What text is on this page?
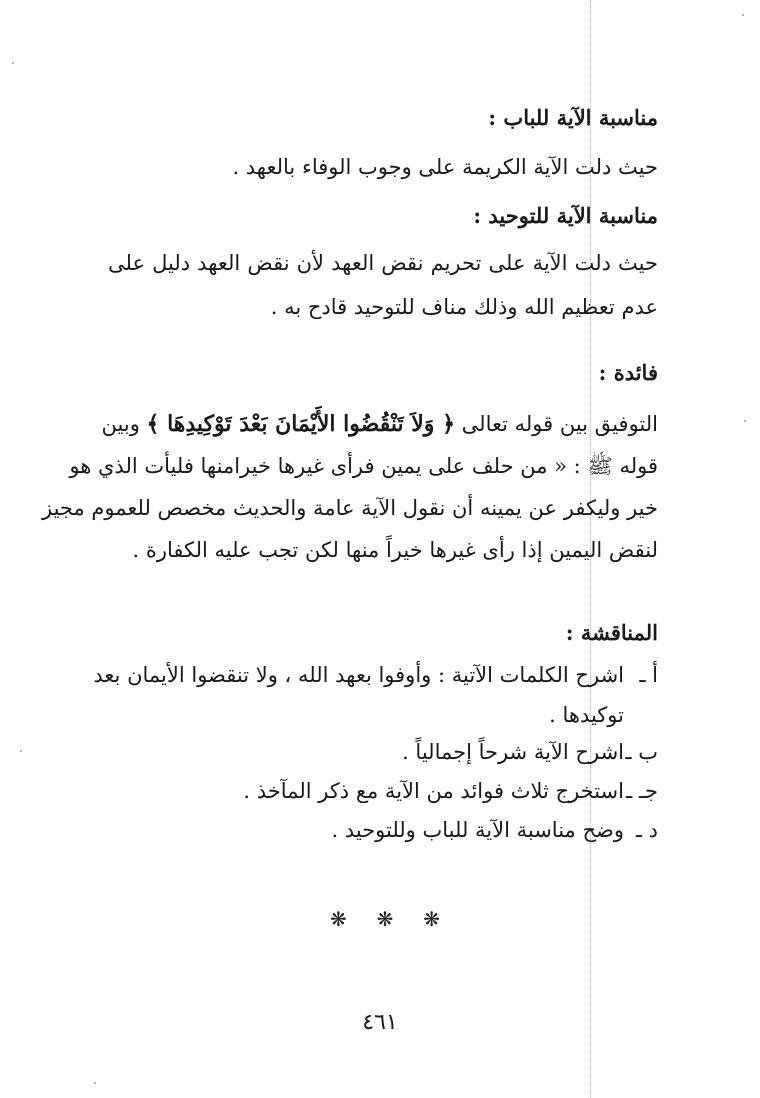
مناسبة الآية للباب :
حيث دلت الآية الكريمة على وجوب الوفاء بالعهد .
مناسبة الآية للتوحيد :
حيث دلت الآية على تحريم نقض العهد لأن نقض العهد دليل على
عدم تعظيم الله وذلك مناف للتوحيد قادح به .
فائدة :
التوفيق بين قوله تعالى ﴿ وَلاَ تَنْقُضُوا الأَيْمَانَ بَعْدَ تَوْكِيدِهَا ﴾ وبين
قوله ﷺ : « من حلف على يمين فرأى غيرها خيرامنها فليأت الذي هو
خير وليكفر عن يمينه أن نقول الآية عامة والحديث مخصص للعموم مجيز
لنقض اليمين إذا رأى غيرها خيراً منها لكن تجب عليه الكفارة .
المناقشة :
أ ـ
اشرح الكلمات الآتية : وأوفوا بعهد الله ، ولا تنقضوا الأيمان بعد
توكيدها .
ب ـ
اشرح الآية شرحاً إجمالياً .
جـ ـ
استخرج ثلاث فوائد من الآية مع ذكر المآخذ .
د ـ
وضح مناسبة الآية للباب وللتوحيد .
❋ ❋ ❋
٤٦١
